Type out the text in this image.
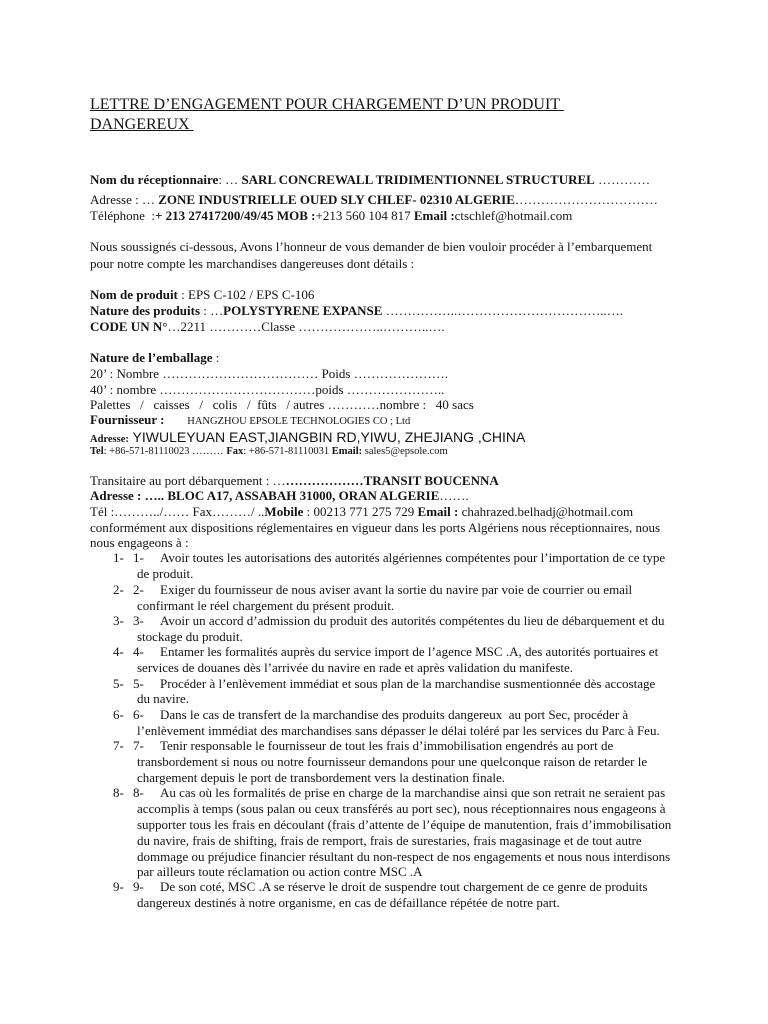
LETTRE D’ENGAGEMENT POUR CHARGEMENT D’UN PRODUIT
DANGEREUX
Nom du réceptionnaire: … SARL CONCREWALL TRIDIMENTIONNEL STRUCTUREL …………
Adresse : … ZONE INDUSTRIELLE OUED SLY CHLEF- 02310 ALGERIE……………………………
Téléphone  :+ 213 27417200/49/45 MOB :+213 560 104 817 Email :ctschlef@hotmail.com
Nous soussignés ci-dessous, Avons l’honneur de vous demander de bien vouloir procéder à l’embarquement
pour notre compte les marchandises dangereuses dont détails :
Nom de produit : EPS C-102 / EPS C-106
Nature des produits : …POLYSTYRENE EXPANSE ……………..……………………………..….
CODE UN N°…2211 …………Classe ………………..………..….
Nature de l’emballage :
20’ : Nombre ……………………………… Poids ………………….
40’ : nombre ………………………………poids …………………..
Palettes   /   caisses   /   colis   /  fûts   / autres …………nombre :   40 sacs
Fournisseur : HANGZHOU EPSOLE TECHNOLOGIES CO ; Ltd
Adresse: YIWULEYUAN EAST,JIANGBIN RD,YIWU, ZHEJIANG ,CHINA
Tel: +86-571-81110023 ……… Fax: +86-571-81110031 Email: sales5@epsole.com
Transitaire au port débarquement : …………………TRANSIT BOUCENNA
Adresse : ….. BLOC A17, ASSABAH 31000, ORAN ALGERIE…….
Tél :………../…… Fax………/ ..Mobile : 00213 771 275 729 Email : chahrazed.belhadj@hotmail.com
conformément aux dispositions réglementaires en vigueur dans les ports Algériens nous réceptionnaires, nous
nous engageons à :
1- 1- Avoir toutes les autorisations des autorités algériennes compétentes pour l’importation de ce type
de produit.
2- 2- Exiger du fournisseur de nous aviser avant la sortie du navire par voie de courrier ou email
confirmant le réel chargement du présent produit.
3- 3- Avoir un accord d’admission du produit des autorités compétentes du lieu de débarquement et du
stockage du produit.
4- 4- Entamer les formalités auprès du service import de l’agence MSC .A, des autorités portuaires et
services de douanes dès l’arrivée du navire en rade et après validation du manifeste.
5- 5- Procéder à l’enlèvement immédiat et sous plan de la marchandise susmentionnée dès accostage
du navire.
6- 6- Dans le cas de transfert de la marchandise des produits dangereux  au port Sec, procéder à
l’enlèvement immédiat des marchandises sans dépasser le délai toléré par les services du Parc à Feu.
7- 7- Tenir responsable le fournisseur de tout les frais d’immobilisation engendrés au port de
transbordement si nous ou notre fournisseur demandons pour une quelconque raison de retarder le
chargement depuis le port de transbordement vers la destination finale.
8- 8- Au cas où les formalités de prise en charge de la marchandise ainsi que son retrait ne seraient pas
accomplis à temps (sous palan ou ceux transférés au port sec), nous réceptionnaires nous engageons à
supporter tous les frais en découlant (frais d’attente de l’équipe de manutention, frais d’immobilisation
du navire, frais de shifting, frais de remport, frais de surestaries, frais magasinage et de tout autre
dommage ou préjudice financier résultant du non-respect de nos engagements et nous nous interdisons
par ailleurs toute réclamation ou action contre MSC .A
9- 9- De son coté, MSC .A se réserve le droit de suspendre tout chargement de ce genre de produits
dangereux destinés à notre organisme, en cas de défaillance répétée de notre part.
